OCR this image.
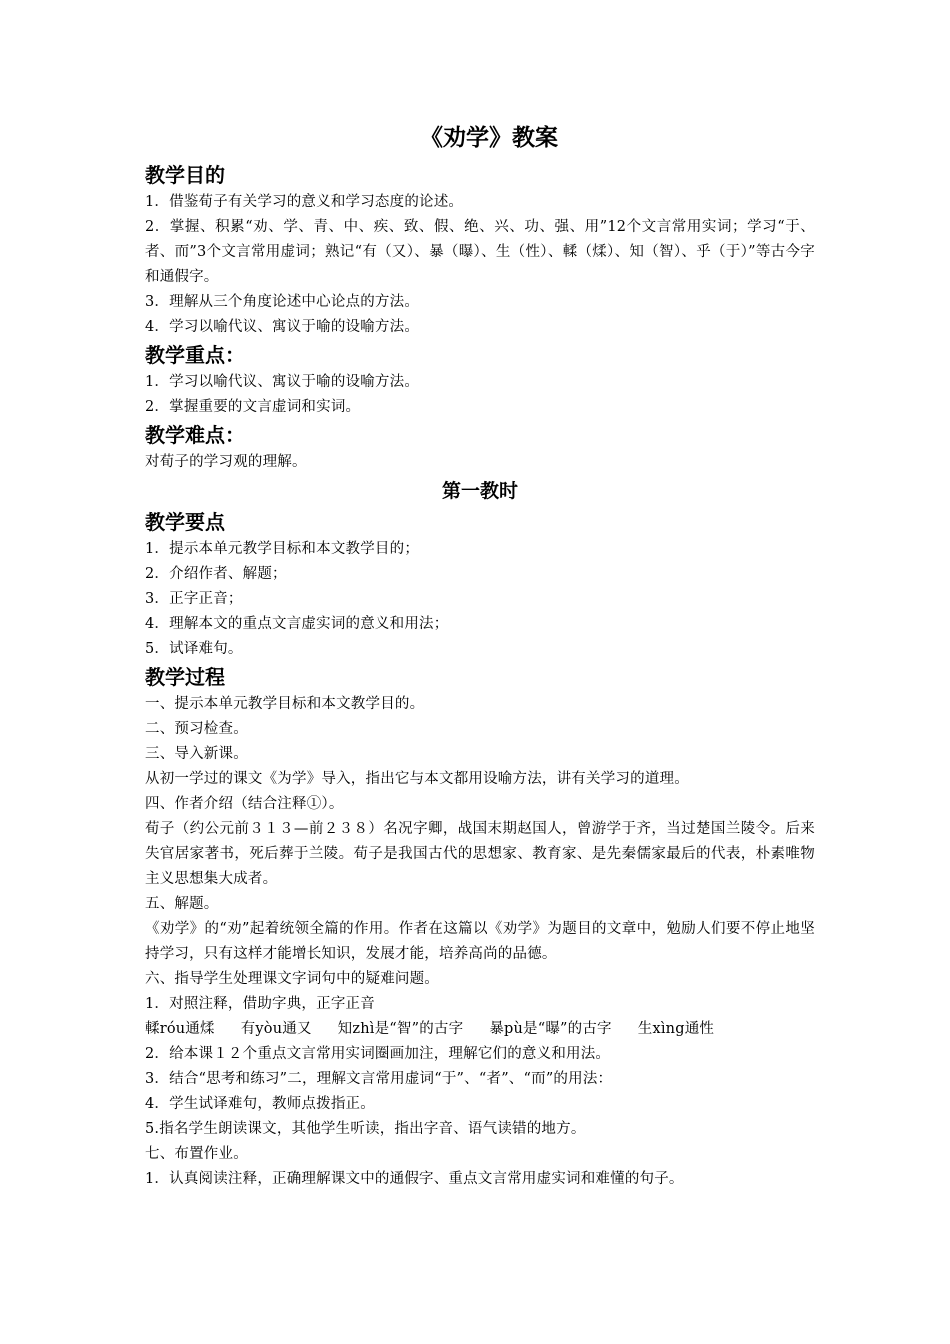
《劝学》教案
教学目的

1．借鉴荀子有关学习的意义和学习态度的论述。

2．掌握、积累“劝、学、青、中、疾、致、假、绝、兴、功、强、用”12个文言常用实词；学习“于、者、而”3个文言常用虚词；熟记“有（又）、暴（曝）、生（性）、輮（煣）、知（智）、乎（于）”等古今字和通假字。

3．理解从三个角度论述中心论点的方法。

4．学习以喻代议、寓议于喻的设喻方法。

教学重点：

1．学习以喻代议、寓议于喻的设喻方法。

2．掌握重要的文言虚词和实词。

教学难点：

对荀子的学习观的理解。

第一教时
教学要点

1．提示本单元教学目标和本文教学目的；

2．介绍作者、解题；

3．正字正音；

4．理解本文的重点文言虚实词的意义和用法；

5．试译难句。

教学过程

一、提示本单元教学目标和本文教学目的。

二、预习检查。

三、导入新课。

从初一学过的课文《为学》导入，指出它与本文都用设喻方法，讲有关学习的道理。

四、作者介绍（结合注释①）。

荀子（约公元前３１３—前２３８）名况字卿，战国末期赵国人，曾游学于齐，当过楚国兰陵令。后来失官居家著书，死后葬于兰陵。荀子是我国古代的思想家、教育家、是先秦儒家最后的代表，朴素唯物主义思想集大成者。

五、解题。

《劝学》的“劝”起着统领全篇的作用。作者在这篇以《劝学》为题目的文章中，勉励人们要不停止地坚持学习，只有这样才能增长知识，发展才能，培养高尚的品德。

六、指导学生处理课文字词句中的疑难问题。

1．对照注释，借助字典，正字正音

輮róu通煣 有yòu通又 知zhì是“智”的古字 暴pù是“曝”的古字 生xìng通性

2．给本课１２个重点文言常用实词圈画加注，理解它们的意义和用法。

3．结合“思考和练习”二，理解文言常用虚词“于”、“者”、“而”的用法：

4．学生试译难句，教师点拨指正。

5.指名学生朗读课文，其他学生听读，指出字音、语气读错的地方。

七、布置作业。

1．认真阅读注释，正确理解课文中的通假字、重点文言常用虚实词和难懂的句子。
